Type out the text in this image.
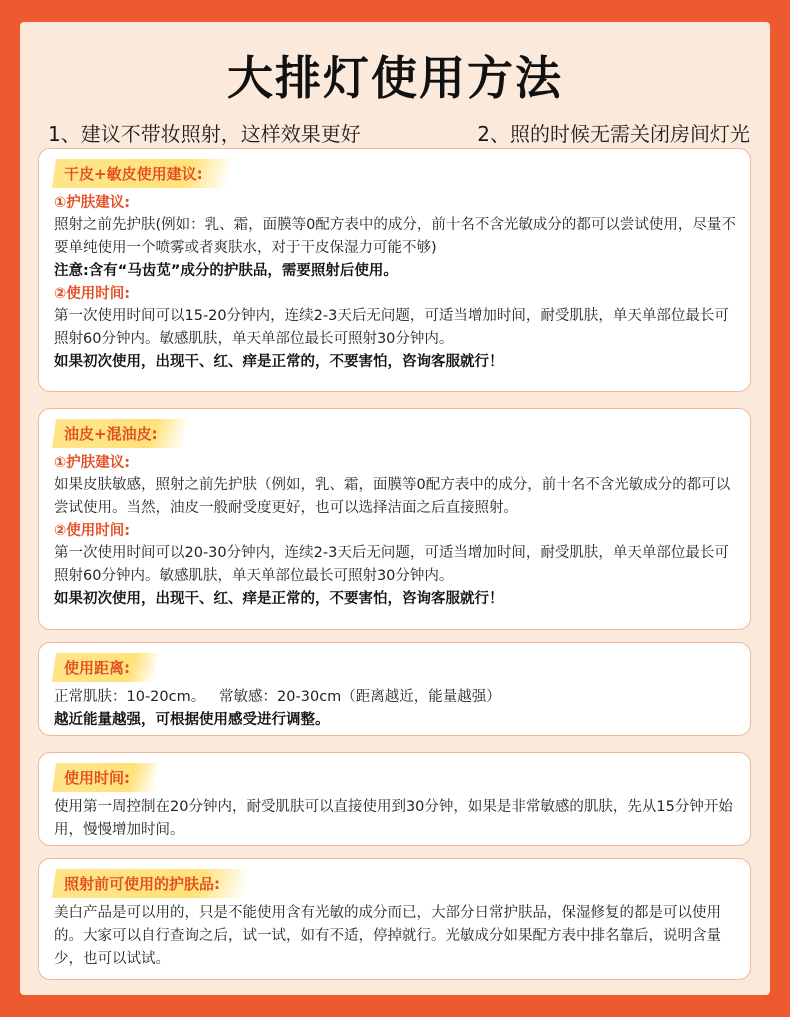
大排灯使用方法
1、建议不带妆照射，这样效果更好	2、照的时候无需关闭房间灯光
干皮+敏皮使用建议:
①护肤建议:
照射之前先护肤(例如：乳、霜，面膜等0配方表中的成分，前十名不含光敏成分的都可以尝试使用，尽量不要单纯使用一个喷雾或者爽肤水，对于干皮保湿力可能不够)
注意:含有“马齿苋”成分的护肤品，需要照射后使用。
②使用时间:
第一次使用时间可以15-20分钟内，连续2-3天后无问题，可适当增加时间，耐受肌肤，单天单部位最长可照射60分钟内。敏感肌肤，单天单部位最长可照射30分钟内。
如果初次使用，出现干、红、痒是正常的，不要害怕，咨询客服就行！
油皮+混油皮:
①护肤建议:
如果皮肤敏感，照射之前先护肤（例如，乳、霜，面膜等0配方表中的成分，前十名不含光敏成分的都可以尝试使用。当然，油皮一般耐受度更好，也可以选择洁面之后直接照射。
②使用时间:
第一次使用时间可以20-30分钟内，连续2-3天后无问题，可适当增加时间，耐受肌肤，单天单部位最长可照射60分钟内。敏感肌肤，单天单部位最长可照射30分钟内。
如果初次使用，出现干、红、痒是正常的，不要害怕，咨询客服就行！
使用距离:
正常肌肤：10-20cm。   常敏感：20-30cm（距离越近，能量越强）
越近能量越强，可根据使用感受进行调整。
使用时间:
使用第一周控制在20分钟内，耐受肌肤可以直接使用到30分钟，如果是非常敏感的肌肤，先从15分钟开始用，慢慢增加时间。
照射前可使用的护肤品:
美白产品是可以用的，只是不能使用含有光敏的成分而已，大部分日常护肤品，保湿修复的都是可以使用的。大家可以自行查询之后，试一试，如有不适，停掉就行。光敏成分如果配方表中排名靠后，说明含量少，也可以试试。
